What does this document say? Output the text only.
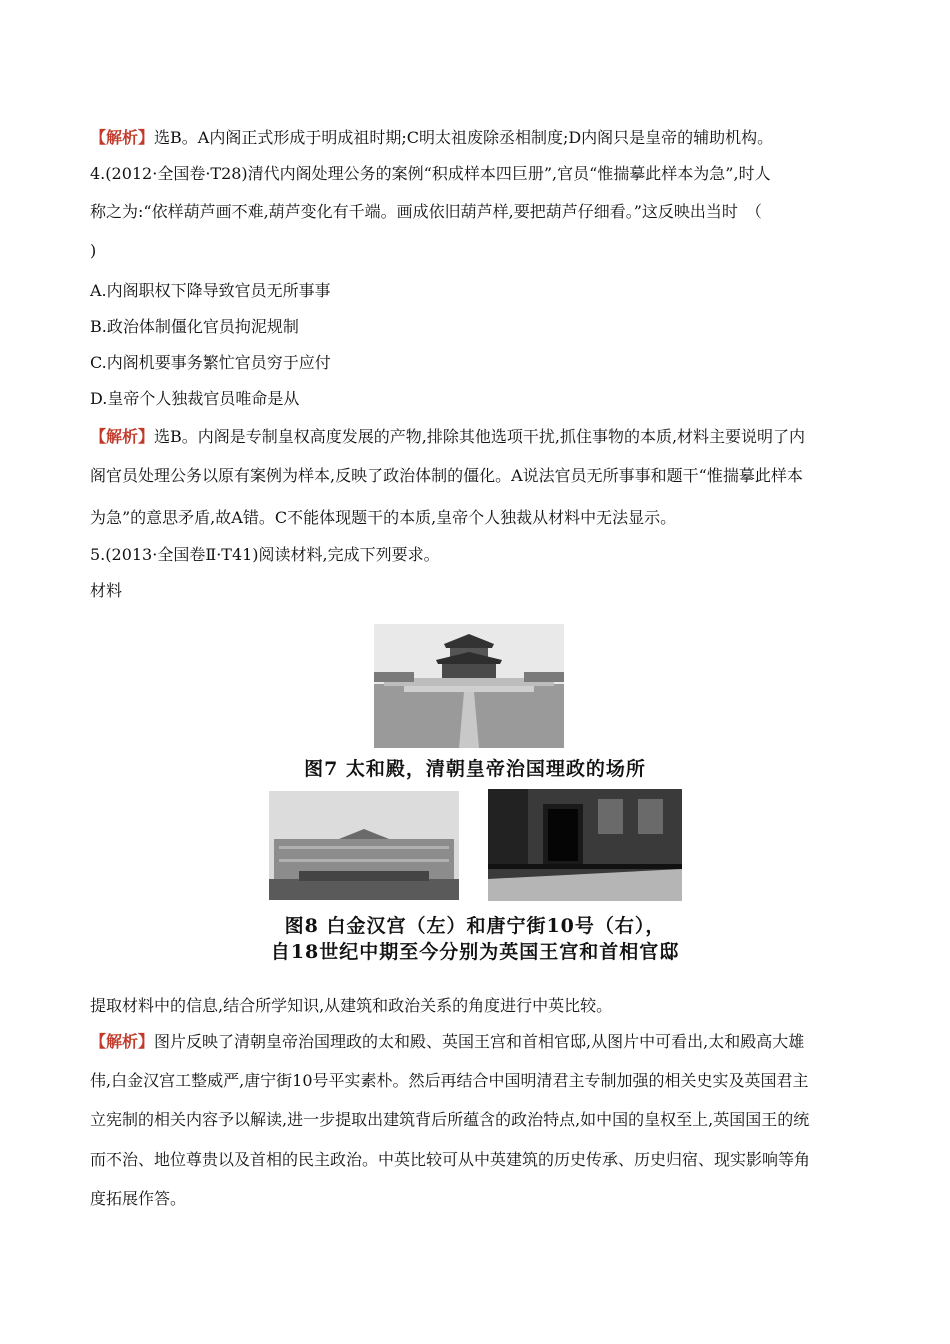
【解析】选B。A内阁正式形成于明成祖时期;C明太祖废除丞相制度;D内阁只是皇帝的辅助机构。
4.(2012·全国卷·T28)清代内阁处理公务的案例“积成样本四巨册”,官员“惟揣摹此样本为急”,时人
称之为:“依样葫芦画不难,葫芦变化有千端。画成依旧葫芦样,要把葫芦仔细看。”这反映出当时　（
)
A.内阁职权下降导致官员无所事事
B.政治体制僵化官员拘泥规制
C.内阁机要事务繁忙官员穷于应付
D.皇帝个人独裁官员唯命是从
【解析】选B。内阁是专制皇权高度发展的产物,排除其他选项干扰,抓住事物的本质,材料主要说明了内
阁官员处理公务以原有案例为样本,反映了政治体制的僵化。A说法官员无所事事和题干“惟揣摹此样本
为急”的意思矛盾,故A错。C不能体现题干的本质,皇帝个人独裁从材料中无法显示。
5.(2013·全国卷Ⅱ·T41)阅读材料,完成下列要求。
材料
图7 太和殿，清朝皇帝治国理政的场所
图8 白金汉宫（左）和唐宁街10号（右），
自18世纪中期至今分别为英国王宫和首相官邸
提取材料中的信息,结合所学知识,从建筑和政治关系的角度进行中英比较。
【解析】图片反映了清朝皇帝治国理政的太和殿、英国王宫和首相官邸,从图片中可看出,太和殿高大雄
伟,白金汉宫工整威严,唐宁街10号平实素朴。然后再结合中国明清君主专制加强的相关史实及英国君主
立宪制的相关内容予以解读,进一步提取出建筑背后所蕴含的政治特点,如中国的皇权至上,英国国王的统
而不治、地位尊贵以及首相的民主政治。中英比较可从中英建筑的历史传承、历史归宿、现实影响等角
度拓展作答。
